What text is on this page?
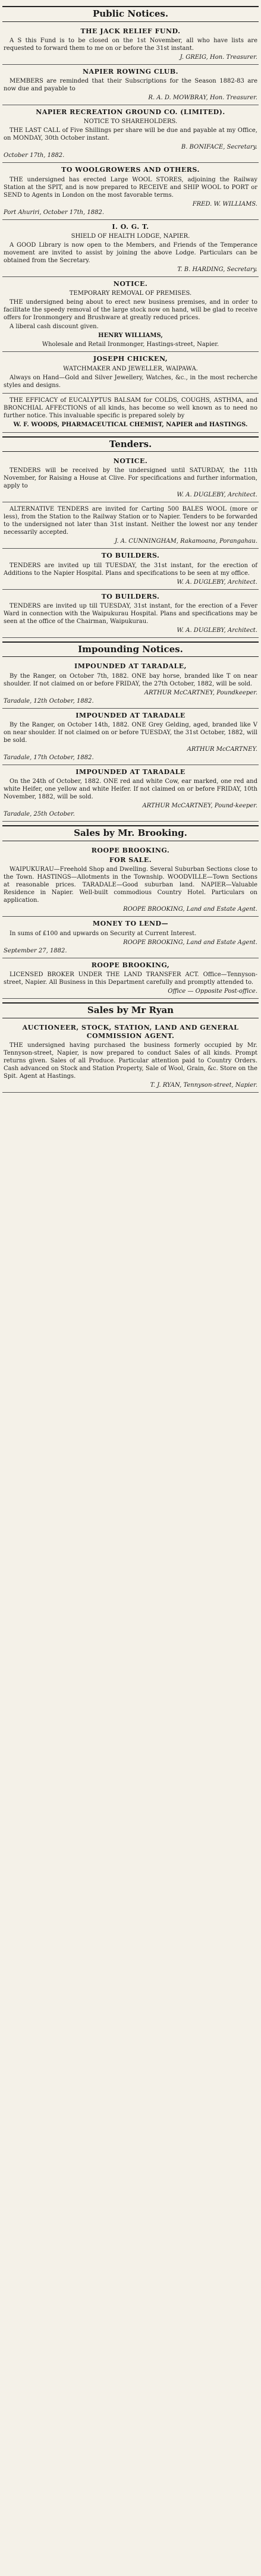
Public Notices.
THE JACK RELIEF FUND.

A S this Fund is to be closed on the 1st November, all who have lists are requested to forward them to me on or before the 31st instant.

J. GREIG, Hon. Treasurer.
NAPIER ROWING CLUB.

MEMBERS are reminded that their Subscriptions for the Season 1882-83 are now due and payable to

R. A. D. MOWBRAY, Hon. Treasurer.
NAPIER RECREATION GROUND CO. (LIMITED).
NOTICE TO SHAREHOLDERS.

THE LAST CALL of Five Shillings per share will be due and payable at my Office, on MONDAY, 30th October instant.

B. BONIFACE, Secretary.
October 17th, 1882.
TO WOOLGROWERS AND OTHERS.

THE undersigned has erected Large WOOL STORES, adjoining the Railway Station at the SPIT, and is now prepared to RECEIVE and SHIP WOOL to PORT or SEND to Agents in London on the most favorable terms.

FRED. W. WILLIAMS.
Port Ahuriri, October 17th, 1882.
I. O. G. T.
SHIELD OF HEALTH LODGE, NAPIER.

A GOOD Library is now open to the Members, and Friends of the Temperance movement are invited to assist by joining the above Lodge. Particulars can be obtained from the Secretary.

T. B. HARDING, Secretary.
NOTICE.
TEMPORARY REMOVAL OF PREMISES.

THE undersigned being about to erect new business premises, and in order to facilitate the speedy removal of the large stock now on hand, will be glad to receive offers for Ironmongery and Brushware at greatly reduced prices.

A liberal cash discount given.

HENRY WILLIAMS,
Wholesale and Retail Ironmonger, Hastings-street, Napier.
JOSEPH CHICKEN,
WATCHMAKER AND JEWELLER, WAIPAWA.

Always on Hand—Gold and Silver Jewellery, Watches, &c., in the most recherche styles and designs.

THE EFFICACY of EUCALYPTUS BALSAM for COLDS, COUGHS, ASTHMA, and BRONCHIAL AFFECTIONS of all kinds, has become so well known as to need no further notice. This invaluable specific is prepared solely by

W. F. WOODS, PHARMACEUTICAL CHEMIST, NAPIER and HASTINGS.
Tenders.
NOTICE.

TENDERS will be received by the undersigned until SATURDAY, the 11th November, for Raising a House at Clive. For specifications and further information, apply to

W. A. DUGLEBY, Architect.

ALTERNATIVE TENDERS are invited for Carting 500 BALES WOOL (more or less), from the Station to the Railway Station or to Napier. Tenders to be forwarded to the undersigned not later than 31st instant. Neither the lowest nor any tender necessarily accepted.

J. A. CUNNINGHAM, Rakamoana, Porangahau.
TO BUILDERS.

TENDERS are invited up till TUESDAY, the 31st instant, for the erection of Additions to the Napier Hospital. Plans and specifications to be seen at my office.

W. A. DUGLEBY, Architect.
TO BUILDERS.

TENDERS are invited up till TUESDAY, 31st instant, for the erection of a Fever Ward in connection with the Waipukurau Hospital. Plans and specifications may be seen at the office of the Chairman, Waipukurau.

W. A. DUGLEBY, Architect.
Impounding Notices.
IMPOUNDED AT TARADALE,

By the Ranger, on October 7th, 1882. ONE bay horse, branded like T on near shoulder. If not claimed on or before FRIDAY, the 27th October, 1882, will be sold.

ARTHUR McCARTNEY, Poundkeeper.
Taradale, 12th October, 1882.
IMPOUNDED AT TARADALE

By the Ranger, on October 14th, 1882. ONE Grey Gelding, aged, branded like V on near shoulder. If not claimed on or before TUESDAY, the 31st October, 1882, will be sold.

ARTHUR McCARTNEY.
Taradale, 17th October, 1882.
IMPOUNDED AT TARADALE

On the 24th of October, 1882. ONE red and white Cow, ear marked, one red and white Heifer, one yellow and white Heifer. If not claimed on or before FRIDAY, 10th November, 1882, will be sold.

ARTHUR McCARTNEY, Pound-keeper.
Taradale, 25th October.
Sales by Mr. Brooking.
ROOPE BROOKING.
FOR SALE.

WAIPUKURAU—Freehold Shop and Dwelling. Several Suburban Sections close to the Town. HASTINGS—Allotments in the Township. WOODVILLE—Town Sections at reasonable prices. TARADALE—Good suburban land. NAPIER—Valuable Residence in Napier. Well-built commodious Country Hotel. Particulars on application.

ROOPE BROOKING, Land and Estate Agent.
MONEY TO LEND—

In sums of £100 and upwards on Security at Current Interest.

ROOPE BROOKING, Land and Estate Agent.
September 27, 1882.
ROOPE BROOKING,

LICENSED BROKER UNDER THE LAND TRANSFER ACT. Office—Tennyson-street, Napier. All Business in this Department carefully and promptly attended to.

Office — Opposite Post-office.
Sales by Mr Ryan
AUCTIONEER, STOCK, STATION, LAND AND GENERAL COMMISSION AGENT.

THE undersigned having purchased the business formerly occupied by Mr. Tennyson-street, Napier, is now prepared to conduct Sales of all kinds. Prompt returns given. Sales of all Produce. Particular attention paid to Country Orders. Cash advanced on Stock and Station Property, Sale of Wool, Grain, &c. Store on the Spit. Agent at Hastings.

T. J. RYAN, Tennyson-street, Napier.
